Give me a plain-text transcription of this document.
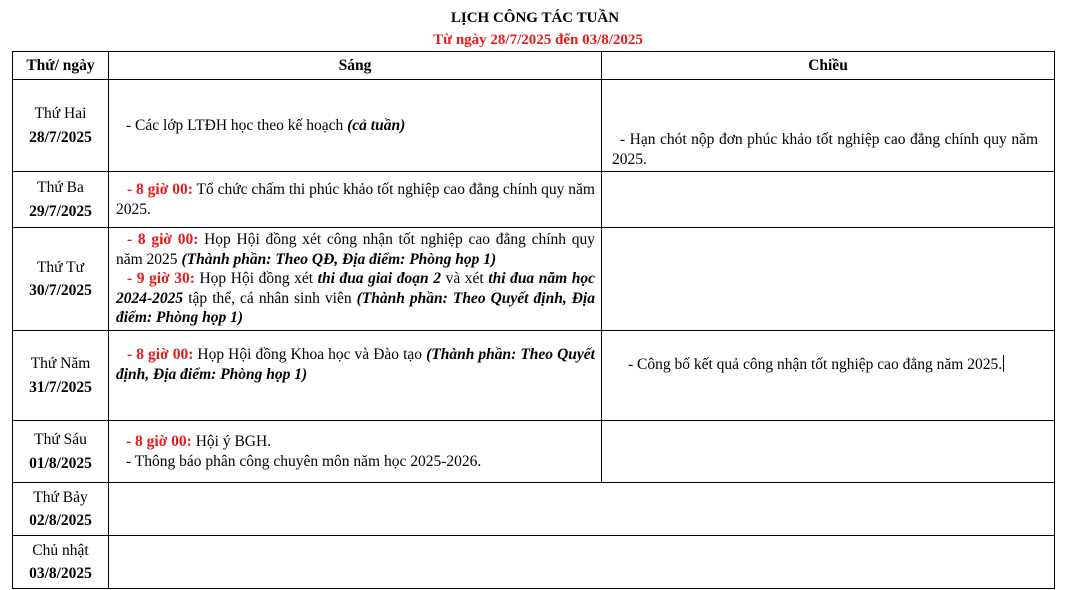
LỊCH CÔNG TÁC TUẦN
Từ ngày 28/7/2025 đến 03/8/2025
Thứ/ ngày	Sáng	Chiều

Thứ Hai
28/7/2025	- Các lớp LTĐH học theo kế hoạch (cả tuần)	- Hạn chót nộp đơn phúc khảo tốt nghiệp cao đẳng chính quy năm 2025.

Thứ Ba
29/7/2025	- 8 giờ 00: Tổ chức chấm thi phúc khảo tốt nghiệp cao đẳng chính quy năm 2025.	

Thứ Tư
30/7/2025	- 8 giờ 00: Họp Hội đồng xét công nhận tốt nghiệp cao đẳng chính quy năm 2025 (Thành phần: Theo QĐ, Địa điểm: Phòng họp 1)
- 9 giờ 30: Họp Hội đồng xét thi đua giai đoạn 2 và xét thi đua năm học 2024-2025 tập thể, cá nhân sinh viên (Thành phần: Theo Quyết định, Địa điểm: Phòng họp 1)	

Thứ Năm
31/7/2025	- 8 giờ 00: Họp Hội đồng Khoa học và Đào tạo (Thành phần: Theo Quyết định, Địa điểm: Phòng họp 1)	- Công bố kết quả công nhận tốt nghiệp cao đẳng năm 2025.

Thứ Sáu
01/8/2025	- 8 giờ 00: Hội ý BGH.
- Thông báo phân công chuyên môn năm học 2025-2026.	

Thứ Bảy
02/8/2025		

Chủ nhật
03/8/2025		
